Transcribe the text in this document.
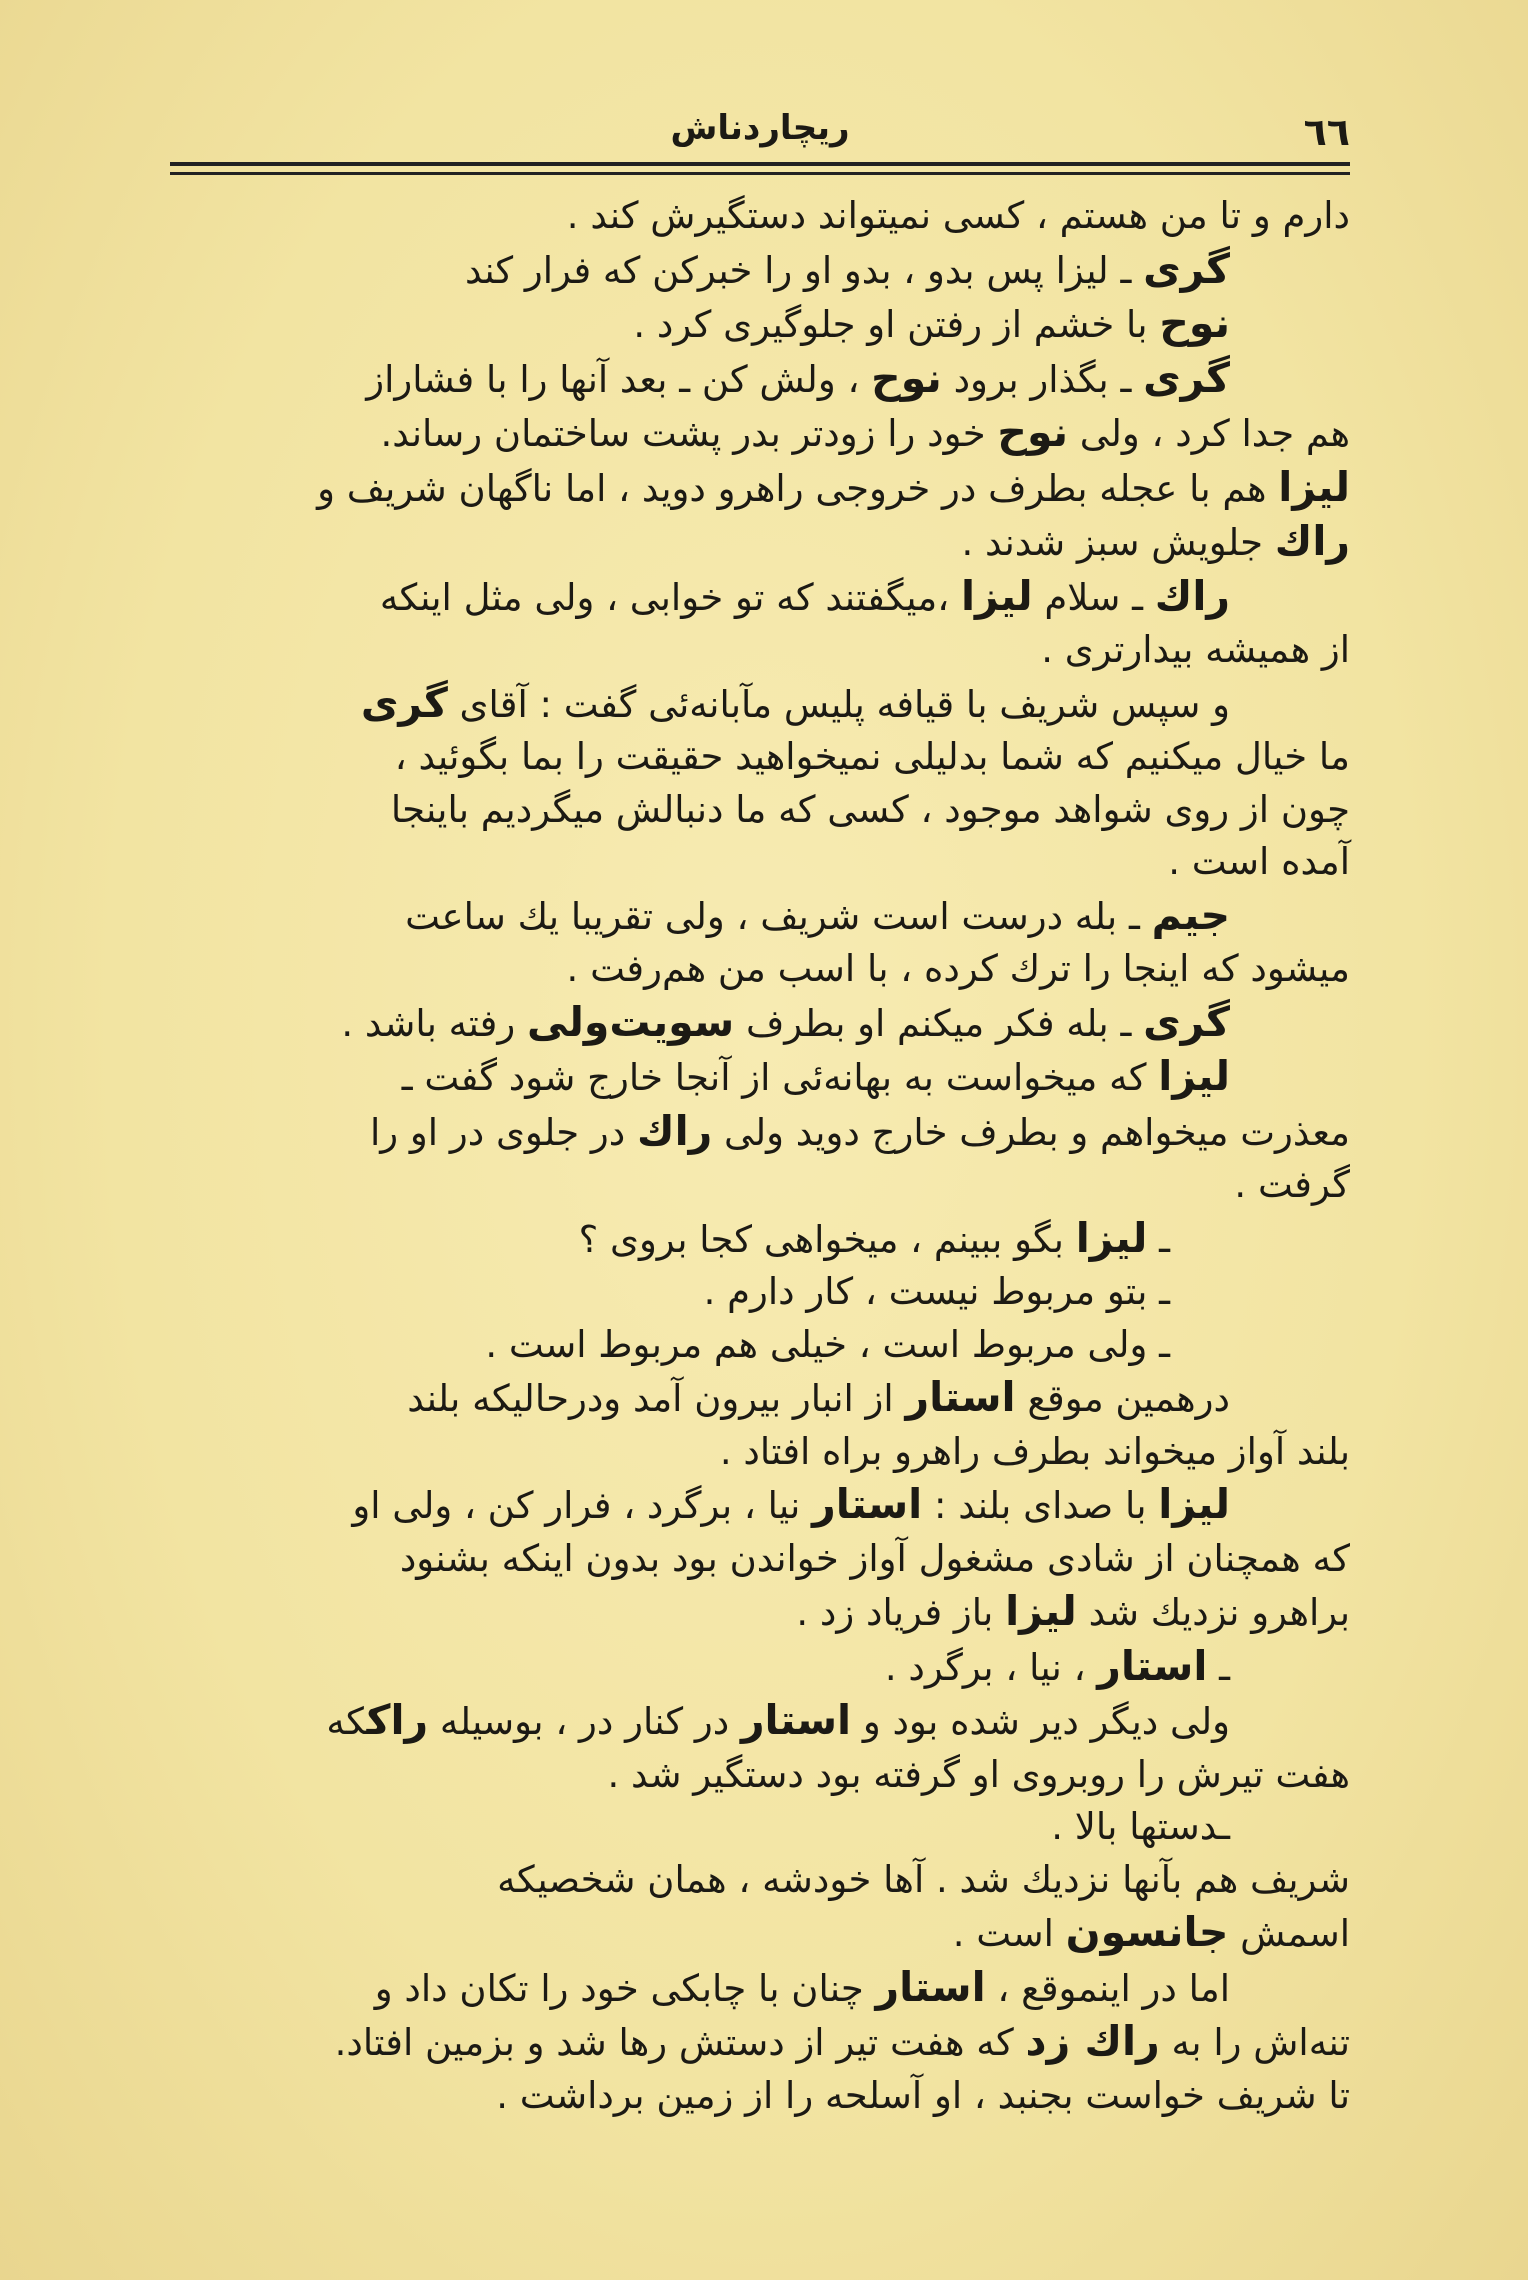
٦٦
ریچاردناش
دارم و تا من هستم ، کسی نمیتواند دستگیرش کند .
گری ـ لیزا پس بدو ، بدو او را خبرکن که فرار کند
نوح با خشم از رفتن او جلوگیری کرد .
گری ـ بگذار برود نوح ، ولش کن ـ بعد آنها را با فشاراز
هم جدا کرد ، ولی نوح خود را زودتر بدر پشت ساختمان رساند.
لیزا هم با عجله بطرف در خروجی راهرو دوید ، اما ناگهان شریف و
راك جلویش سبز شدند .
راك ـ سلام لیزا ،میگفتند که تو خوابی ، ولی مثل اینکه
از همیشه بیدارتری .
و سپس شریف با قیافه پلیس مآبانه‌ئی گفت : آقای گری
ما خیال میکنیم که شما بدلیلی نمیخواهید حقیقت را بما بگوئید ،
چون از روی شواهد موجود ، کسی که ما دنبالش میگردیم باینجا
آمده است .
جیم ـ بله درست است شریف ، ولی تقریبا یك ساعت
میشود که اینجا را ترك کرده ، با اسب من هم‌رفت .
گری ـ بله فکر میکنم او بطرف سویت‌ولی رفته باشد .
لیزا که میخواست به بهانه‌ئی از آنجا خارج شود گفت ـ
معذرت میخواهم و بطرف خارج دوید ولی راك در جلوی در او را
گرفت .
ـ لیزا بگو ببینم ، میخواهی کجا بروی ؟
ـ بتو مربوط نیست ، کار دارم .
ـ ولی مربوط است ، خیلی هم مربوط است .
درهمین موقع استار از انبار بیرون آمد ودرحالیکه بلند
بلند آواز میخواند بطرف راهرو براه افتاد .
لیزا با صدای بلند : استار نیا ، برگرد ، فرار کن ، ولی او
که همچنان از شادی مشغول آواز خواندن بود بدون اینکه بشنود
براهرو نزدیك شد لیزا باز فریاد زد .
ـ استار ، نیا ، برگرد .
ولی دیگر دیر شده بود و استار در کنار در ، بوسیله راكکه
هفت تیرش را روبروی او گرفته بود دستگیر شد .
ـدستها بالا .
شریف هم بآنها نزدیك شد . آها خودشه ، همان شخصیکه
اسمش جانسون است .
اما در اینموقع ، استار چنان با چابکی خود را تکان داد و
تنه‌اش را به راك زد که هفت تیر از دستش رها شد و بزمین افتاد.
تا شریف خواست بجنبد ، او آسلحه را از زمین برداشت .
